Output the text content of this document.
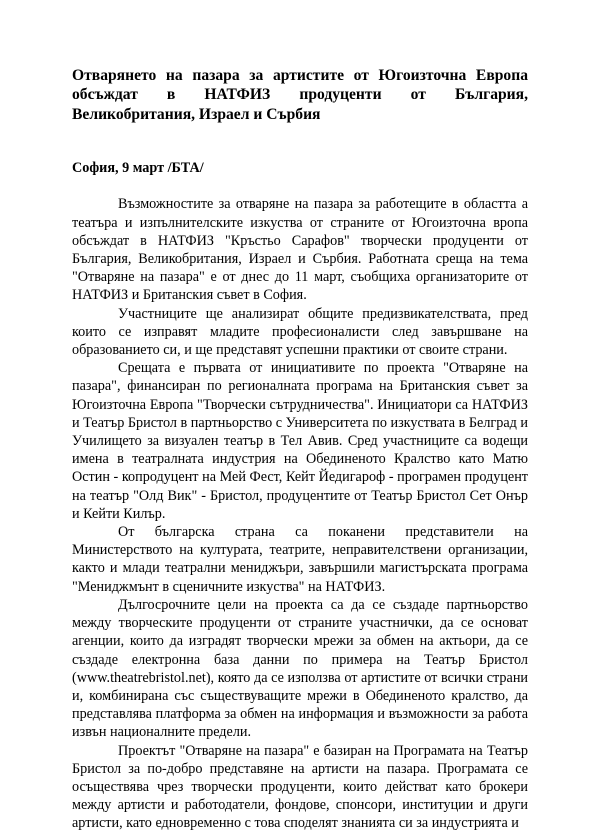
Отварянето на пазара за артистите от Югоизточна Европа обсъждат в НАТФИЗ продуценти от България, Великобритания, Израел и Сърбия
София, 9 март /БТА/

Възможностите за отваряне на пазара за работещите в областта а театъра и изпълнителските изкуства от страните от Югоизточна вропа обсъждат в НАТФИЗ "Кръстьо Сарафов" творчески продуценти от България, Великобритания, Израел и Сърбия. Работната среща на тема "Отваряне на пазара" е от днес до 11 март, съобщиха организаторите от НАТФИЗ и Британския съвет в София.

Участниците ще анализират общите предизвикателствата, пред които се изправят младите професионалисти след завършване на образованието си, и ще представят успешни практики от своите страни.

Срещата е първата от инициативите по проекта "Отваряне на пазара", финансиран по регионалната програма на Британския съвет за Югоизточна Европа "Творчески сътрудничества". Инициатори са НАТФИЗ и Театър Бристол в партньорство с Университета по изкуствата в Белград и Училището за визуален театър в Тел Авив. Сред участниците са водещи имена в театралната индустрия на Обединеното Кралство като Матю Остин - копродуцент на Мей Фест, Кейт Йедигарoф - програмен продуцент на театър "Олд Вик" - Бристол, продуцентите от Театър Бристол Сет Онър и Кейти Килър.

От българска страна са поканени представители на Министерството на културата, театрите, неправителствени организации, както и млади театрални мениджъри, завършили магистърската програма "Мениджмънт в сценичните изкуства" на НАТФИЗ.

Дългосрочните цели на проекта са да се създаде партньорство между творческите продуценти от страните участнички, да се основат агенции, които да изградят творчески мрежи за обмен на актьори, да се създаде електронна база данни по примера на Театър Бристол (www.theatrebristol.net), която да се използва от артистите от всички страни и, комбинирана със съществуващите мрежи в Обединеното кралство, да представлява платформа за обмен на информация и възможности за работа извън националните предели.

Проектът "Отваряне на пазара" е базиран на Програмата на Театър Бристол за по-добро представяне на артисти на пазара. Програмата се осъществява чрез творчески продуценти, които действат като брокери между артисти и работодатели, фондове, спонсори, институции и други артисти, като едновременно с това споделят знанията си за индустрията и
